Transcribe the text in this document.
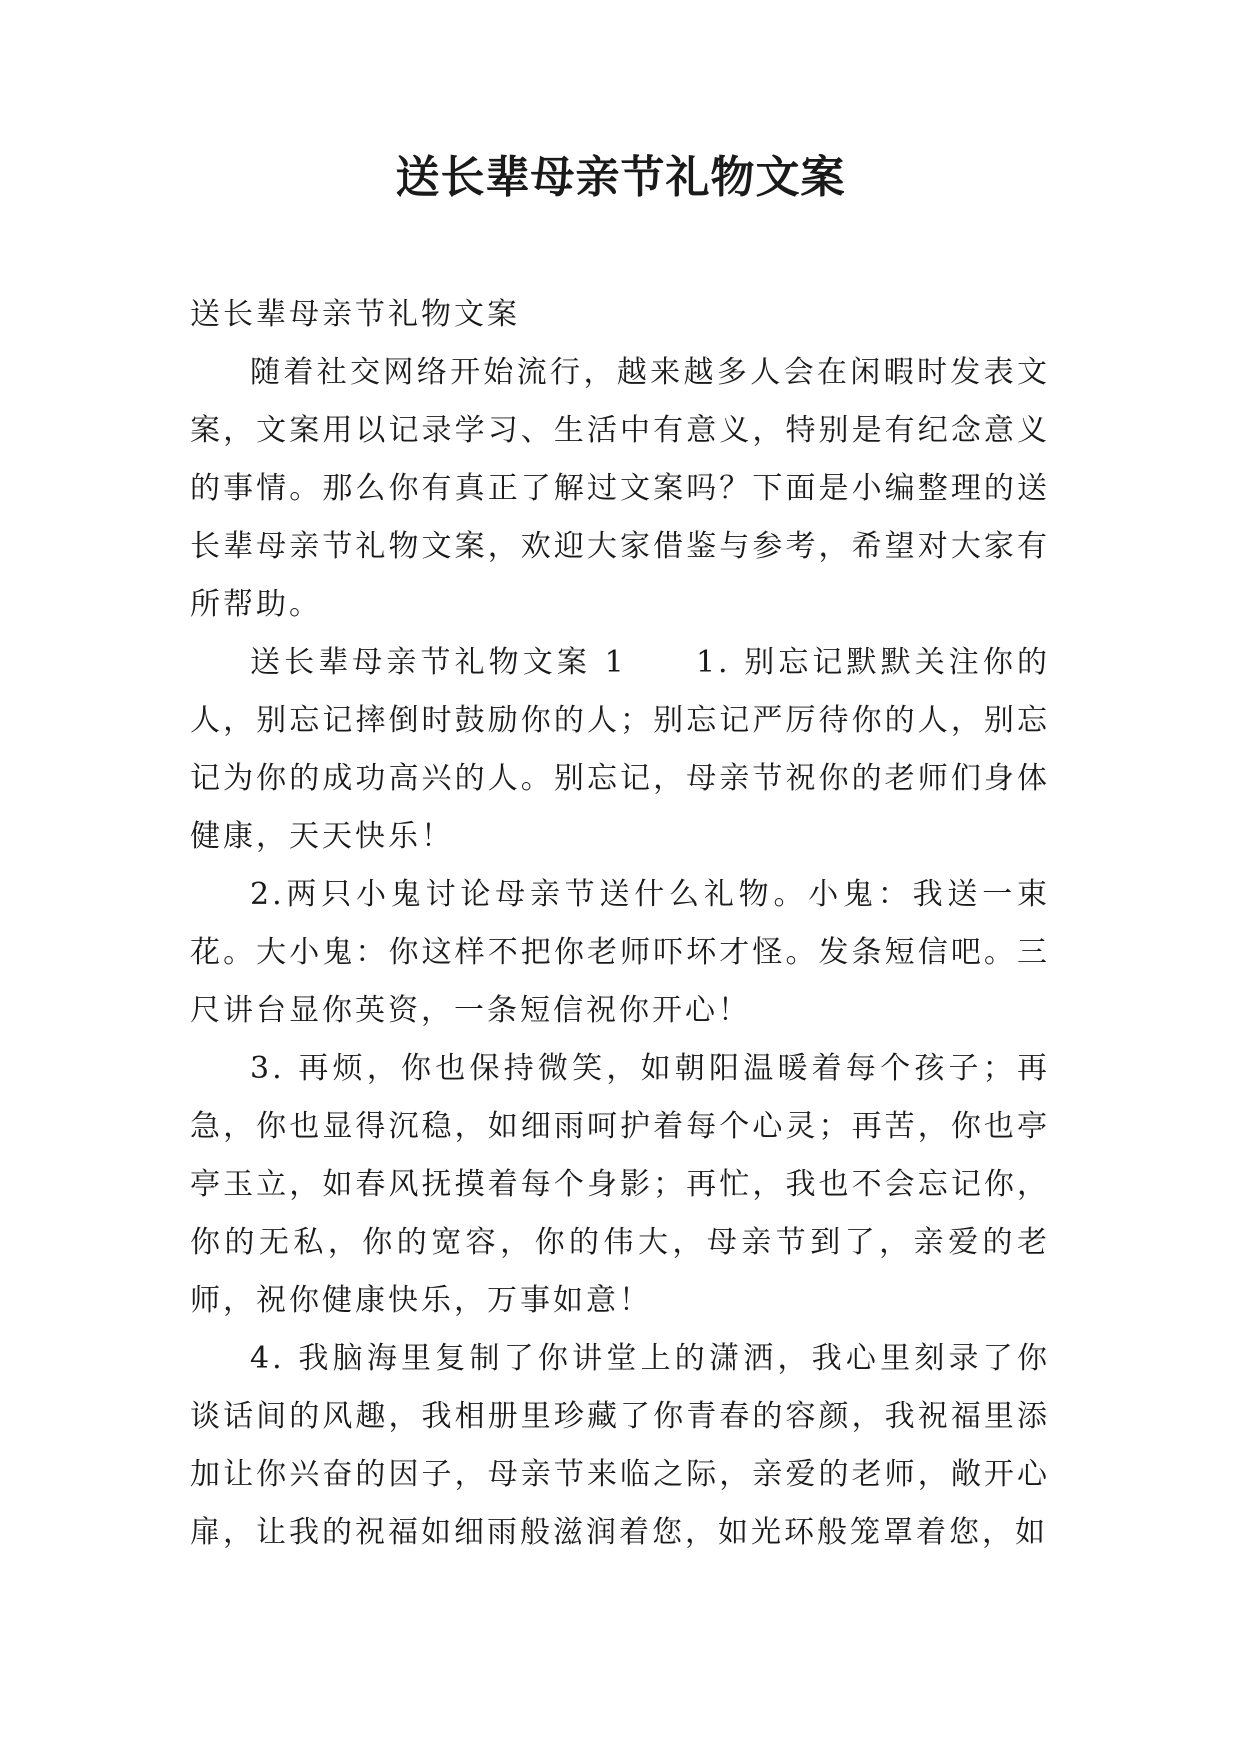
送长辈母亲节礼物文案

送长辈母亲节礼物文案

随着社交网络开始流行，越来越多人会在闲暇时发表文案，文案用以记录学习、生活中有意义，特别是有纪念意义的事情。那么你有真正了解过文案吗？下面是小编整理的送长辈母亲节礼物文案，欢迎大家借鉴与参考，希望对大家有所帮助。

送长辈母亲节礼物文案 1　　1. 别忘记默默关注你的人，别忘记摔倒时鼓励你的人；别忘记严厉待你的人，别忘记为你的成功高兴的人。别忘记，母亲节祝你的老师们身体健康，天天快乐！

2.两只小鬼讨论母亲节送什么礼物。小鬼：我送一束花。大小鬼：你这样不把你老师吓坏才怪。发条短信吧。三尺讲台显你英资，一条短信祝你开心！

3. 再烦，你也保持微笑，如朝阳温暖着每个孩子；再急，你也显得沉稳，如细雨呵护着每个心灵；再苦，你也亭亭玉立，如春风抚摸着每个身影；再忙，我也不会忘记你，你的无私，你的宽容，你的伟大，母亲节到了，亲爱的老师，祝你健康快乐，万事如意！

4. 我脑海里复制了你讲堂上的潇洒，我心里刻录了你谈话间的风趣，我相册里珍藏了你青春的容颜，我祝福里添加让你兴奋的因子，母亲节来临之际，亲爱的老师，敞开心扉，让我的祝福如细雨般滋润着您，如光环般笼罩着您，如
